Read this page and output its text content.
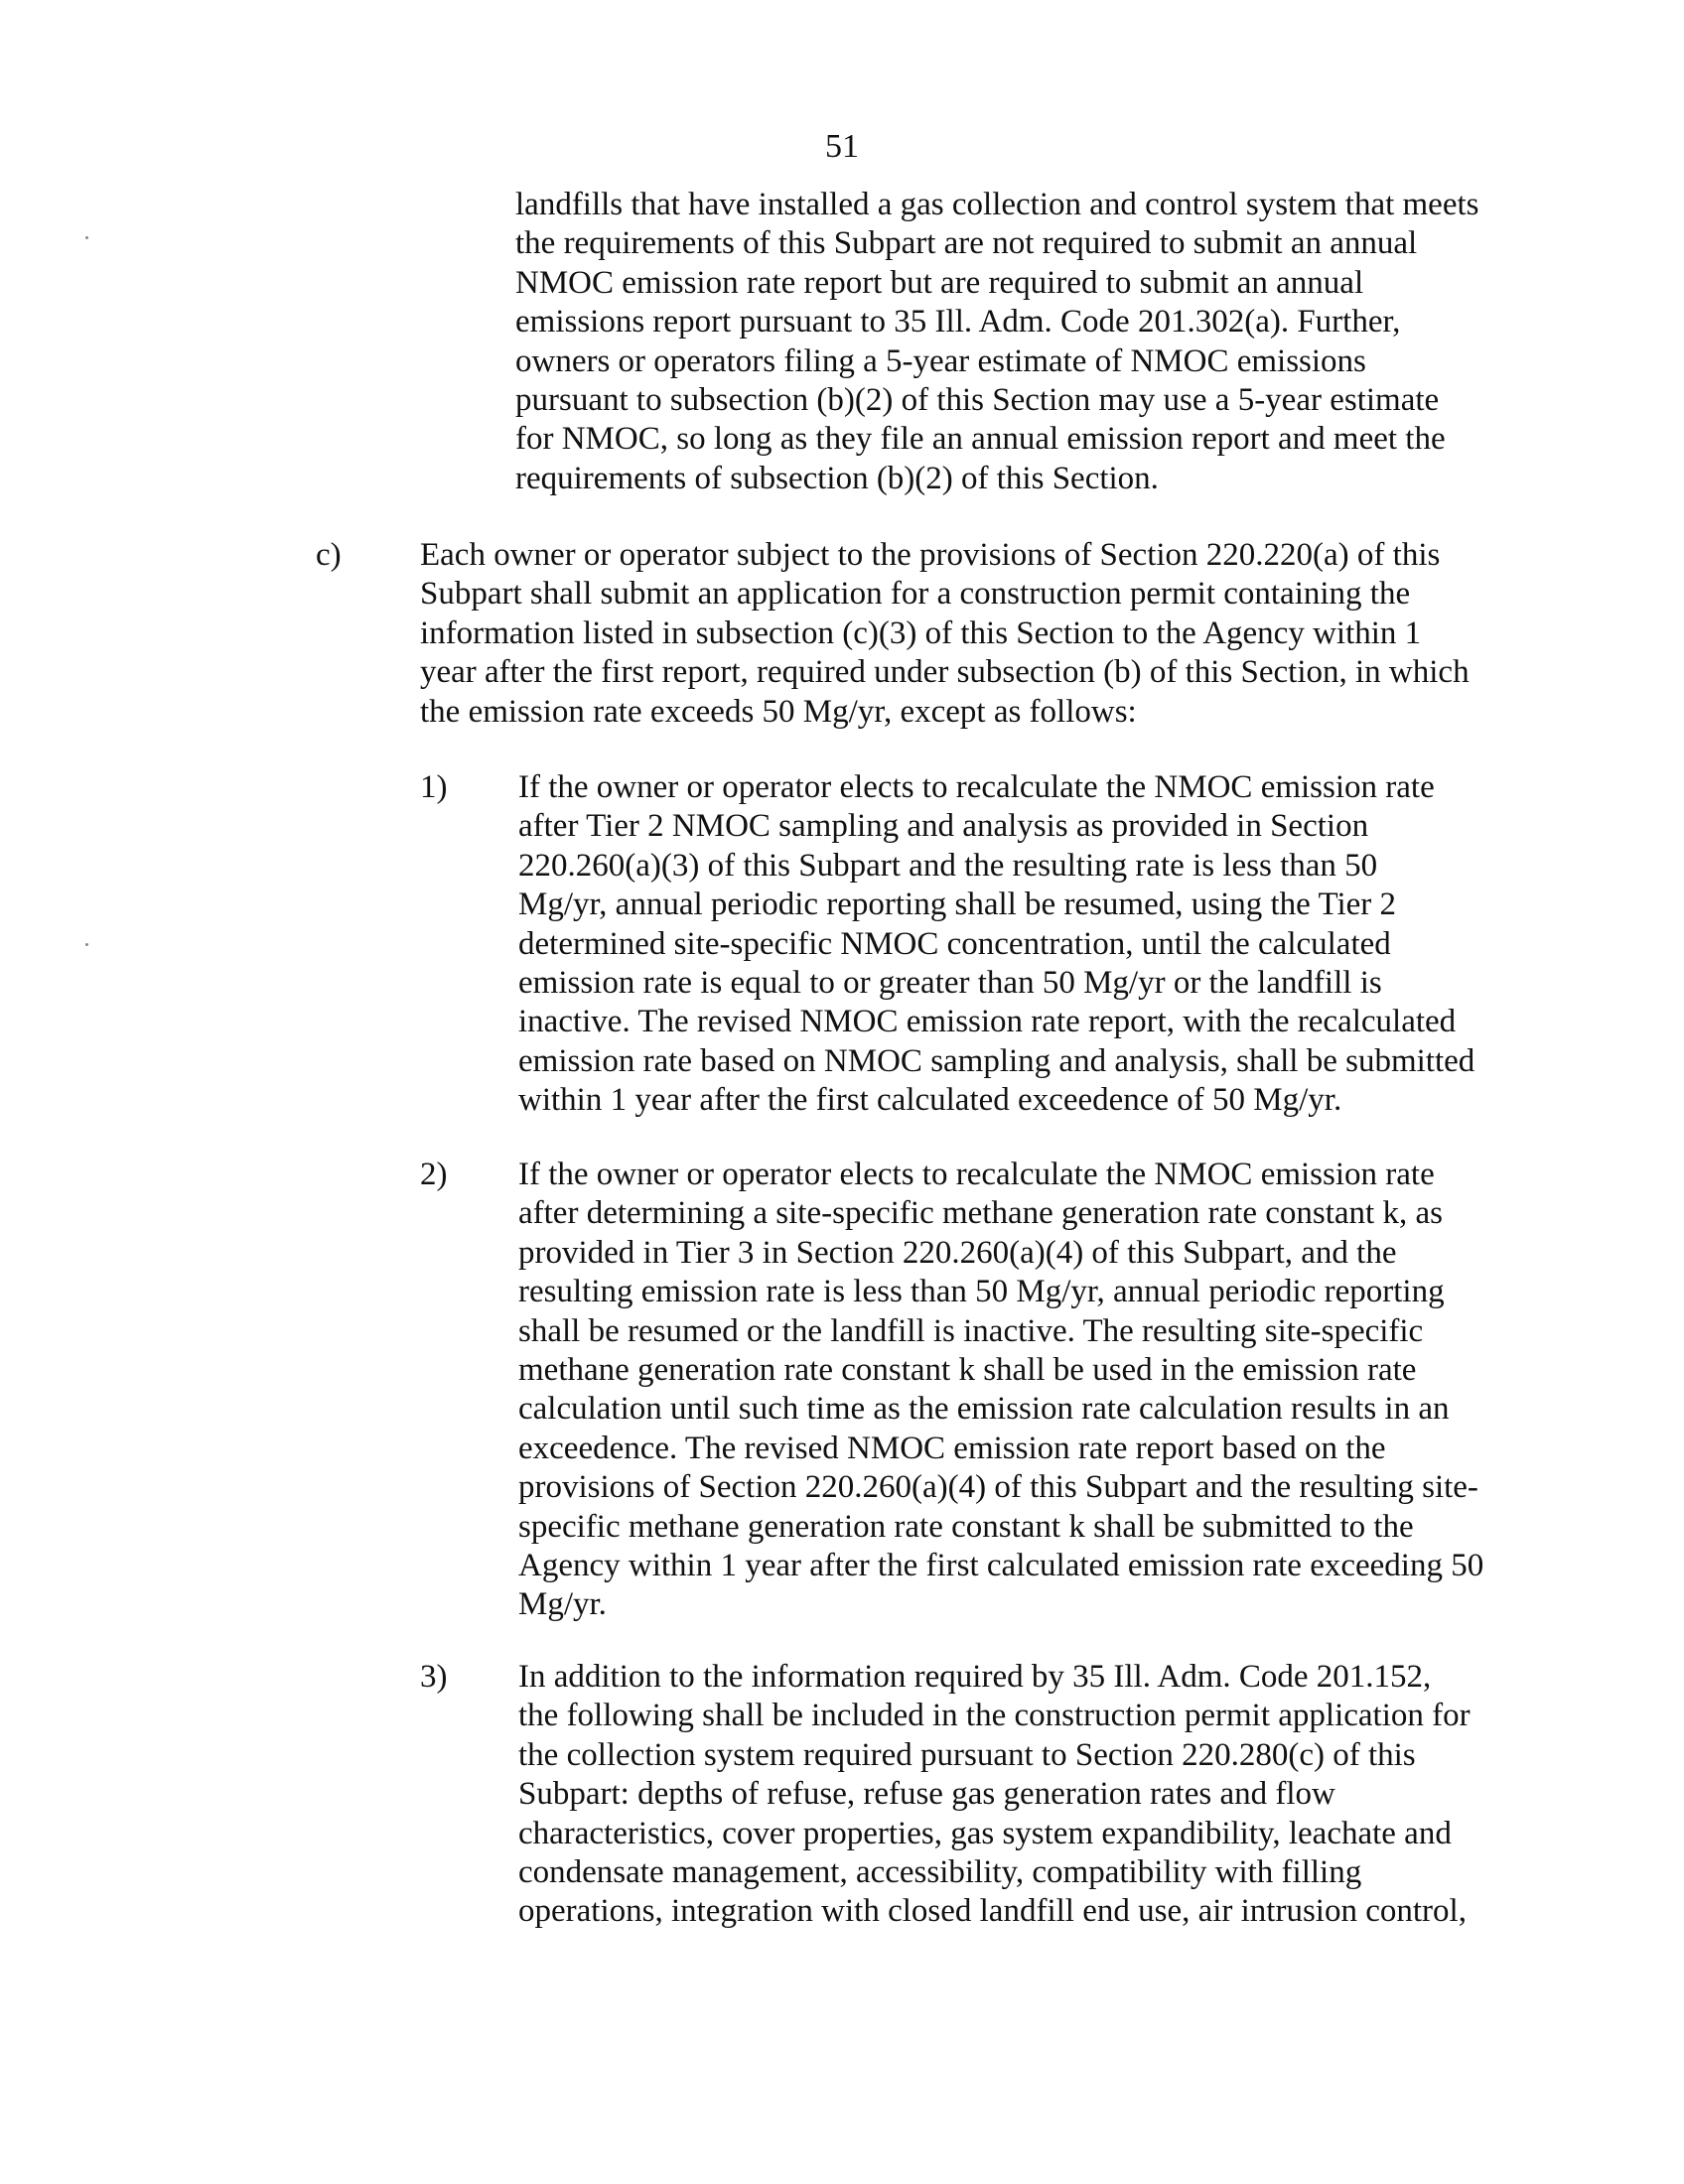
51
landfills that have installed a gas collection and control system that meets
the requirements of this Subpart are not required to submit an annual
NMOC emission rate report but are required to submit an annual
emissions report pursuant to 35 Ill. Adm. Code 201.302(a). Further,
owners or operators filing a 5-year estimate of NMOC emissions
pursuant to subsection (b)(2) of this Section may use a 5-year estimate
for NMOC, so long as they file an annual emission report and meet the
requirements of subsection (b)(2) of this Section.
c) Each owner or operator subject to the provisions of Section 220.220(a) of this
Subpart shall submit an application for a construction permit containing the
information listed in subsection (c)(3) of this Section to the Agency within 1
year after the first report, required under subsection (b) of this Section, in which
the emission rate exceeds 50 Mg/yr, except as follows:
1) If the owner or operator elects to recalculate the NMOC emission rate
after Tier 2 NMOC sampling and analysis as provided in Section
220.260(a)(3) of this Subpart and the resulting rate is less than 50
Mg/yr, annual periodic reporting shall be resumed, using the Tier 2
determined site-specific NMOC concentration, until the calculated
emission rate is equal to or greater than 50 Mg/yr or the landfill is
inactive. The revised NMOC emission rate report, with the recalculated
emission rate based on NMOC sampling and analysis, shall be submitted
within 1 year after the first calculated exceedence of 50 Mg/yr.
2) If the owner or operator elects to recalculate the NMOC emission rate
after determining a site-specific methane generation rate constant k, as
provided in Tier 3 in Section 220.260(a)(4) of this Subpart, and the
resulting emission rate is less than 50 Mg/yr, annual periodic reporting
shall be resumed or the landfill is inactive. The resulting site-specific
methane generation rate constant k shall be used in the emission rate
calculation until such time as the emission rate calculation results in an
exceedence. The revised NMOC emission rate report based on the
provisions of Section 220.260(a)(4) of this Subpart and the resulting site-
specific methane generation rate constant k shall be submitted to the
Agency within 1 year after the first calculated emission rate exceeding 50
Mg/yr.
3) In addition to the information required by 35 Ill. Adm. Code 201.152,
the following shall be included in the construction permit application for
the collection system required pursuant to Section 220.280(c) of this
Subpart: depths of refuse, refuse gas generation rates and flow
characteristics, cover properties, gas system expandibility, leachate and
condensate management, accessibility, compatibility with filling
operations, integration with closed landfill end use, air intrusion control,
